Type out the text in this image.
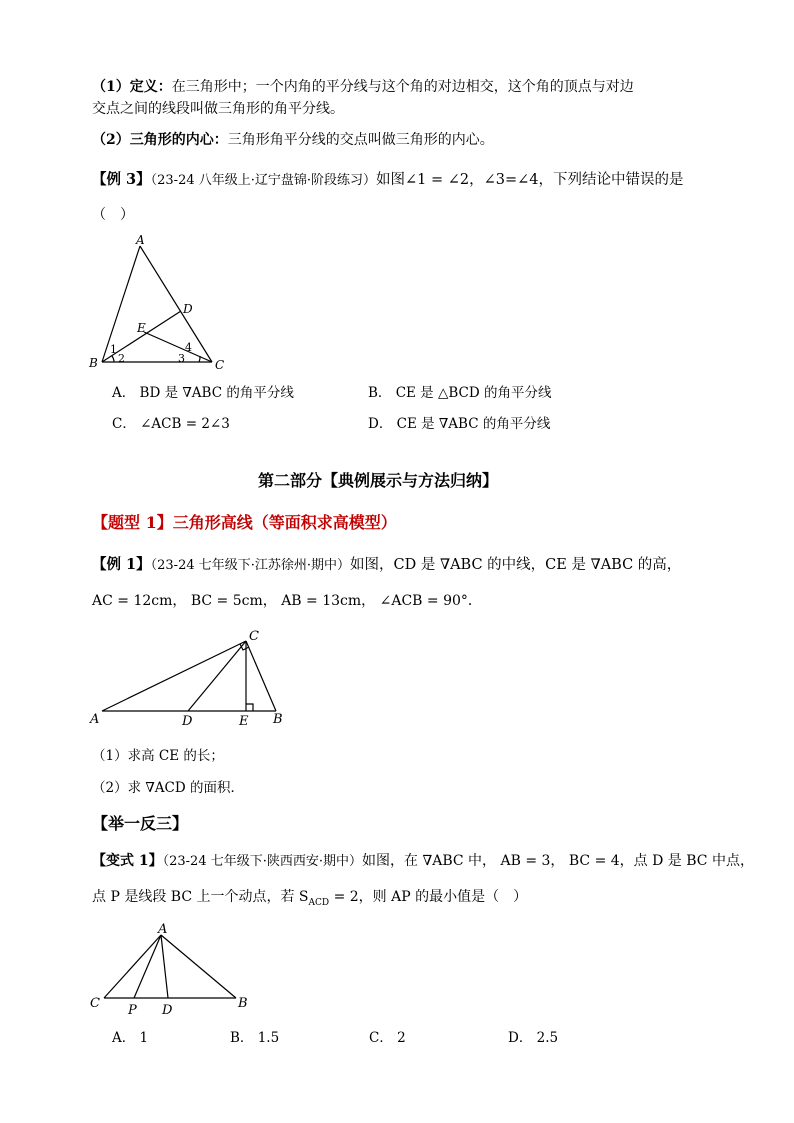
（1）定义：在三角形中；一个内角的平分线与这个角的对边相交，这个角的顶点与对边
交点之间的线段叫做三角形的角平分线。
（2）三角形的内心：三角形角平分线的交点叫做三角形的内心。
【例 3】（23-24 八年级上·辽宁盘锦·阶段练习）如图∠1 = ∠2，∠3=∠4，下列结论中错误的是
（　）
A
B	C
D
E
1
2	3
4
A． BD 是 ∇ABC 的角平分线	B． CE 是 △BCD 的角平分线
C． ∠ACB = 2∠3	D． CE 是 ∇ABC 的角平分线
第二部分【典例展示与方法归纳】
【题型 1】三角形高线（等面积求高模型）
【例 1】（23-24 七年级下·江苏徐州·期中）如图，CD 是 ∇ABC 的中线，CE 是 ∇ABC 的高，
AC = 12cm， BC = 5cm， AB = 13cm， ∠ACB = 90°．
A	B
C
D	E
（1）求高 CE 的长；
（2）求 ∇ACD 的面积．
【举一反三】
【变式 1】（23-24 七年级下·陕西西安·期中）如图，在 ∇ABC 中， AB = 3， BC = 4，点 D 是 BC 中点，
点 P 是线段 BC 上一个动点，若 $S_{ACD} = 2$，则 AP 的最小值是（　）
A
B
C	D
P
A． 1	B． 1.5	C． 2	D． 2.5
